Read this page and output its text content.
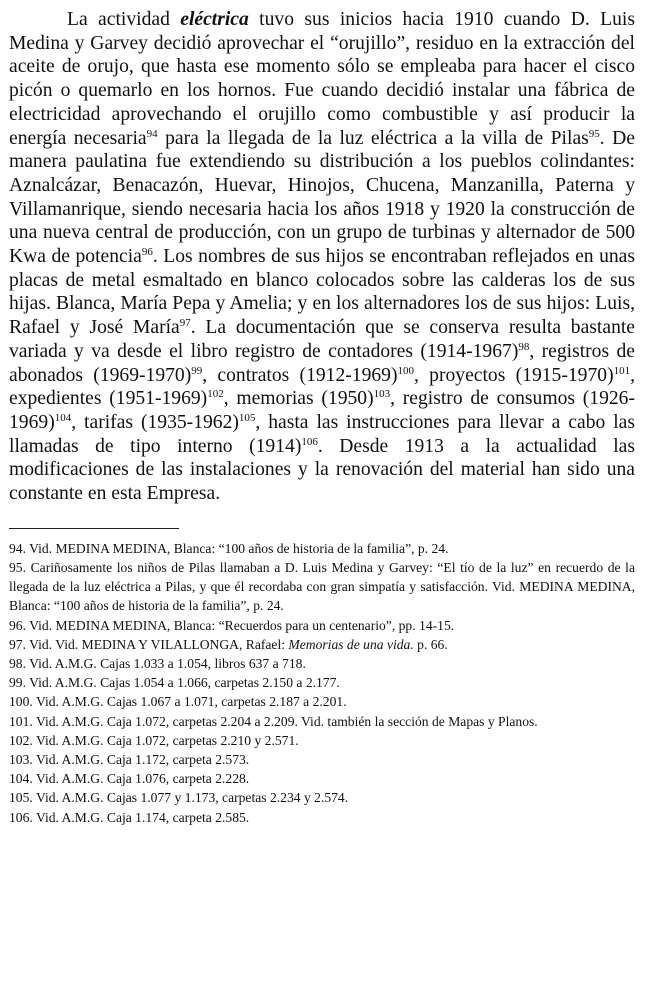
La actividad eléctrica tuvo sus inicios hacia 1910 cuando D. Luis Medina y Garvey decidió aprovechar el “orujillo”, residuo en la extracción del aceite de orujo, que hasta ese momento sólo se empleaba para hacer el cisco picón o quemarlo en los hornos. Fue cuando decidió instalar una fábrica de electricidad aprovechando el orujillo como combustible y así producir la energía necesaria$^{94}$ para la llegada de la luz eléctrica a la villa de Pilas$^{95}$. De manera paulatina fue extendiendo su distribución a los pueblos colindantes: Aznalcázar, Benacazón, Huevar, Hinojos, Chucena, Manzanilla, Paterna y Villamanrique, siendo necesaria hacia los años 1918 y 1920 la construcción de una nueva central de producción, con un grupo de turbinas y alternador de 500 Kwa de potencia$^{96}$. Los nombres de sus hijos se encontraban reflejados en unas placas de metal esmaltado en blanco colocados sobre las calderas los de sus hijas. Blanca, María Pepa y Amelia; y en los alternadores los de sus hijos: Luis, Rafael y José María$^{97}$. La documentación que se conserva resulta bastante variada y va desde el libro registro de contadores (1914-1967)$^{98}$, registros de abonados (1969-1970)$^{99}$, contratos (1912-1969)$^{100}$, proyectos (1915-1970)$^{101}$, expedientes (1951-1969)$^{102}$, memorias $(1950)^{103}$, registro de consumos (1926-1969)$^{104}$, tarifas (1935-1962)$^{105}$, hasta las instrucciones para llevar a cabo las llamadas de tipo interno $(1914)^{106}$. Desde 1913 a la actualidad las modificaciones de las instalaciones y la renovación del material han sido una constante en esta Empresa.

94. Vid. MEDINA MEDINA, Blanca: “100 años de historia de la familia”, p. 24.

95. Cariñosamente los niños de Pilas llamaban a D. Luis Medina y Garvey: “El tío de la luz” en recuerdo de la llegada de la luz eléctrica a Pilas, y que él recordaba con gran simpatía y satisfacción. Vid. MEDINA MEDINA, Blanca: “100 años de historia de la familia”, p. 24.

96. Vid. MEDINA MEDINA, Blanca: “Recuerdos para un centenario”, pp. 14-15.

97. Vid. Vid. MEDINA Y VILALLONGA, Rafael: Memorias de una vida. p. 66.

98. Vid. A.M.G. Cajas 1.033 a 1.054, libros 637 a 718.

99. Vid. A.M.G. Cajas 1.054 a 1.066, carpetas 2.150 a 2.177.

100. Vid. A.M.G. Cajas 1.067 a 1.071, carpetas 2.187 a 2.201.

101. Vid. A.M.G. Caja 1.072, carpetas 2.204 a 2.209. Vid. también la sección de Mapas y Planos.

102. Vid. A.M.G. Caja 1.072, carpetas 2.210 y 2.571.

103. Vid. A.M.G. Caja 1.172, carpeta 2.573.

104. Vid. A.M.G. Caja 1.076, carpeta 2.228.

105. Vid. A.M.G. Cajas 1.077 y 1.173, carpetas 2.234 y 2.574.

106. Vid. A.M.G. Caja 1.174, carpeta 2.585.
